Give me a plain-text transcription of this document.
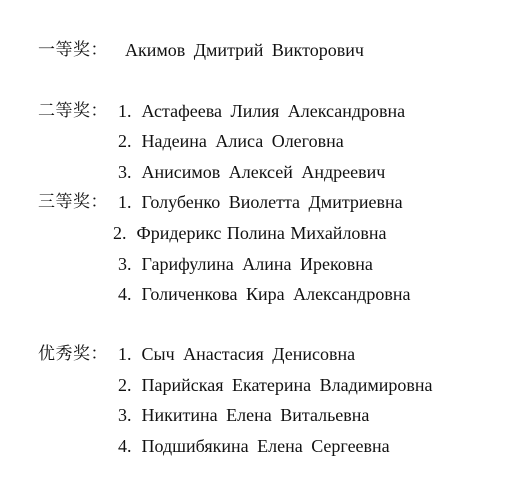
一等奖： Акимов Дмитрий Викторович
二等奖： 1. Астафеева Лилия Александровна
2. Надеина Алиса Олеговна
3. Анисимов Алексей Андреевич
三等奖： 1. Голубенко Виолетта Дмитриевна
2. Фридерикс Полина Михайловна
3. Гарифулина Алина Ирековна
4. Голиченкова Кира Александровна
优秀奖： 1. Сыч Анастасия Денисовна
2. Парийская Екатерина Владимировна
3. Никитина Елена Витальевна
4. Подшибякина Елена Сергеевна
